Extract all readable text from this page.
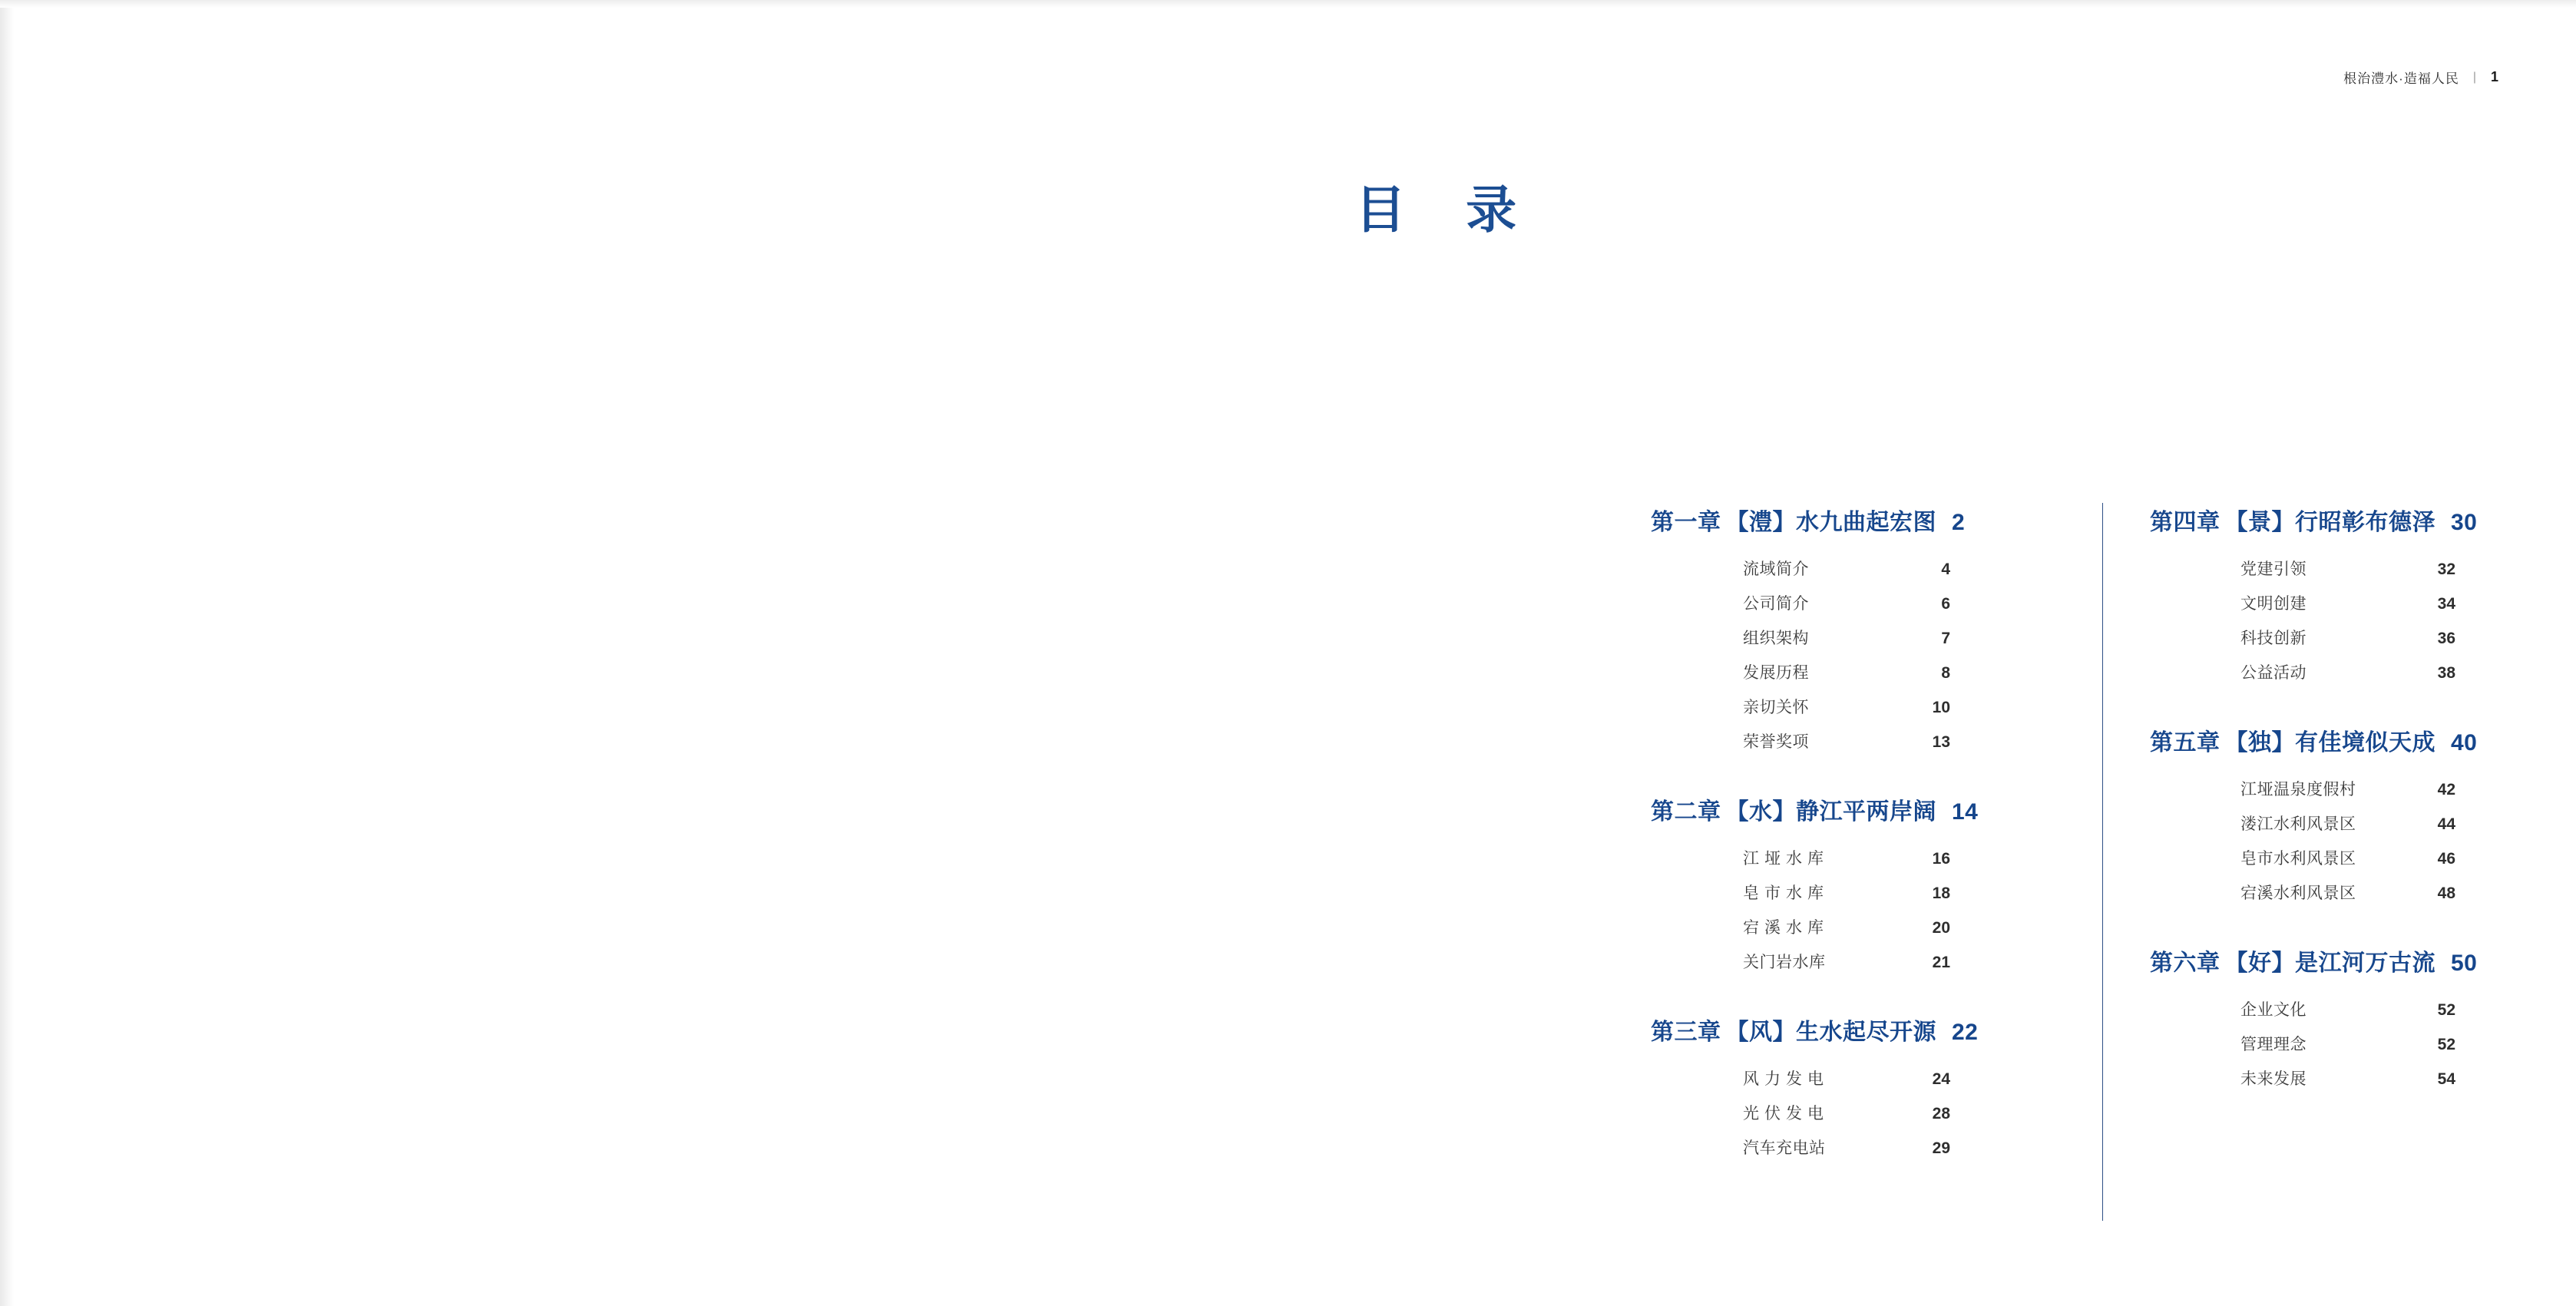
根治澧水·造福人民 | 1
目 录
第一章 【澧】水九曲起宏图 2
流域简介	4
公司简介	6
组织架构	7
发展历程	8
亲切关怀	10
荣誉奖项	13
第二章 【水】静江平两岸阔 14
江垭水库	16
皂市水库	18
宕溪水库	20
关门岩水库	21
第三章 【风】生水起尽开源 22
风力发电	24
光伏发电	28
汽车充电站	29
第四章 【景】行昭彰布德泽 30
党建引领	32
文明创建	34
科技创新	36
公益活动	38
第五章 【独】有佳境似天成 40
江垭温泉度假村	42
溇江水利风景区	44
皂市水利风景区	46
宕溪水利风景区	48
第六章 【好】是江河万古流 50
企业文化	52
管理理念	52
未来发展	54
